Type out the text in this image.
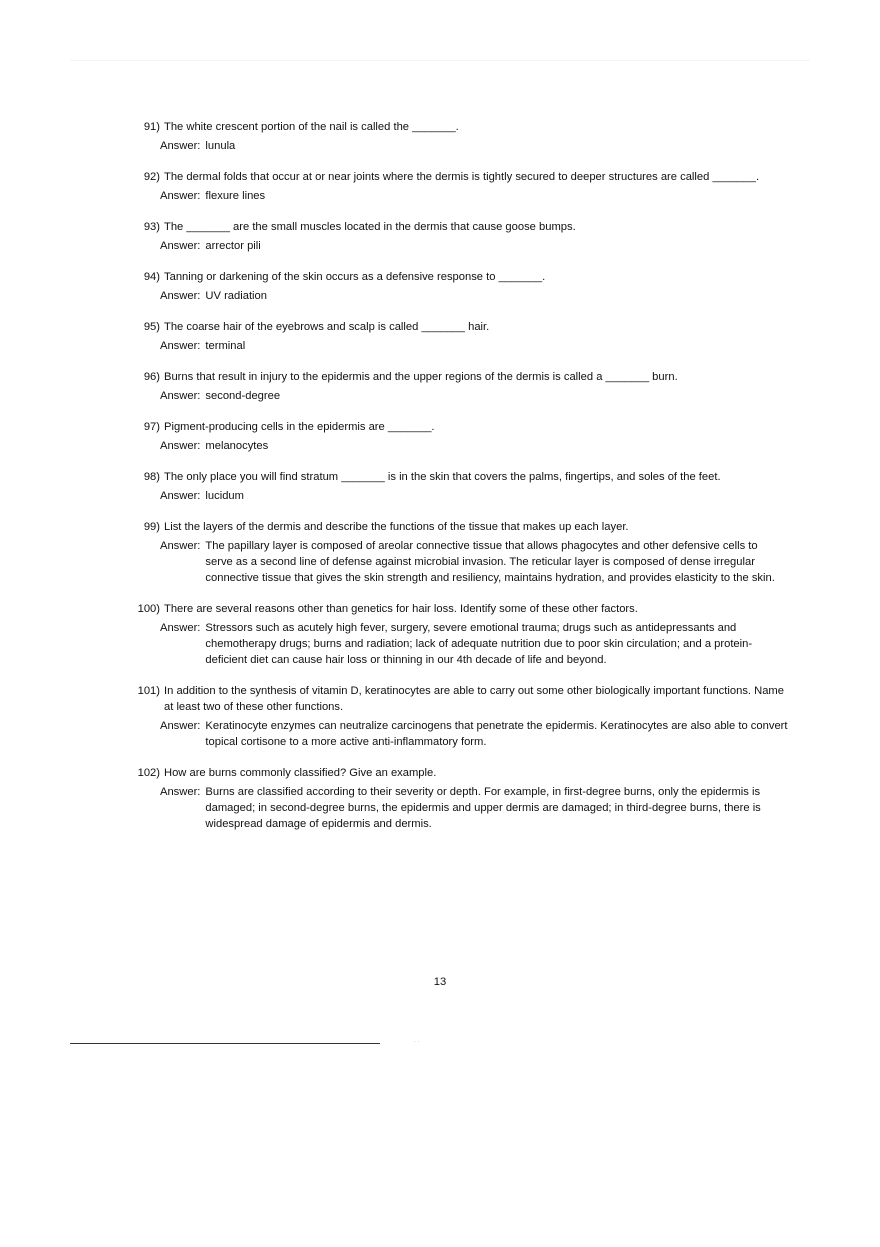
91) The white crescent portion of the nail is called the _______.
Answer: lunula
92) The dermal folds that occur at or near joints where the dermis is tightly secured to deeper structures are called _______.
Answer: flexure lines
93) The _______ are the small muscles located in the dermis that cause goose bumps.
Answer: arrector pili
94) Tanning or darkening of the skin occurs as a defensive response to _______.
Answer: UV radiation
95) The coarse hair of the eyebrows and scalp is called _______ hair.
Answer: terminal
96) Burns that result in injury to the epidermis and the upper regions of the dermis is called a _______ burn.
Answer: second-degree
97) Pigment-producing cells in the epidermis are _______.
Answer: melanocytes
98) The only place you will find stratum _______ is in the skin that covers the palms, fingertips, and soles of the feet.
Answer: lucidum
99) List the layers of the dermis and describe the functions of the tissue that makes up each layer.
Answer: The papillary layer is composed of areolar connective tissue that allows phagocytes and other defensive cells to serve as a second line of defense against microbial invasion. The reticular layer is composed of dense irregular connective tissue that gives the skin strength and resiliency, maintains hydration, and provides elasticity to the skin.
100) There are several reasons other than genetics for hair loss. Identify some of these other factors.
Answer: Stressors such as acutely high fever, surgery, severe emotional trauma; drugs such as antidepressants and chemotherapy drugs; burns and radiation; lack of adequate nutrition due to poor skin circulation; and a protein-deficient diet can cause hair loss or thinning in our 4th decade of life and beyond.
101) In addition to the synthesis of vitamin D, keratinocytes are able to carry out some other biologically important functions. Name at least two of these other functions.
Answer: Keratinocyte enzymes can neutralize carcinogens that penetrate the epidermis. Keratinocytes are also able to convert topical cortisone to a more active anti-inflammatory form.
102) How are burns commonly classified? Give an example.
Answer: Burns are classified according to their severity or depth. For example, in first-degree burns, only the epidermis is damaged; in second-degree burns, the epidermis and upper dermis are damaged; in third-degree burns, there is widespread damage of epidermis and dermis.
13
· ·
